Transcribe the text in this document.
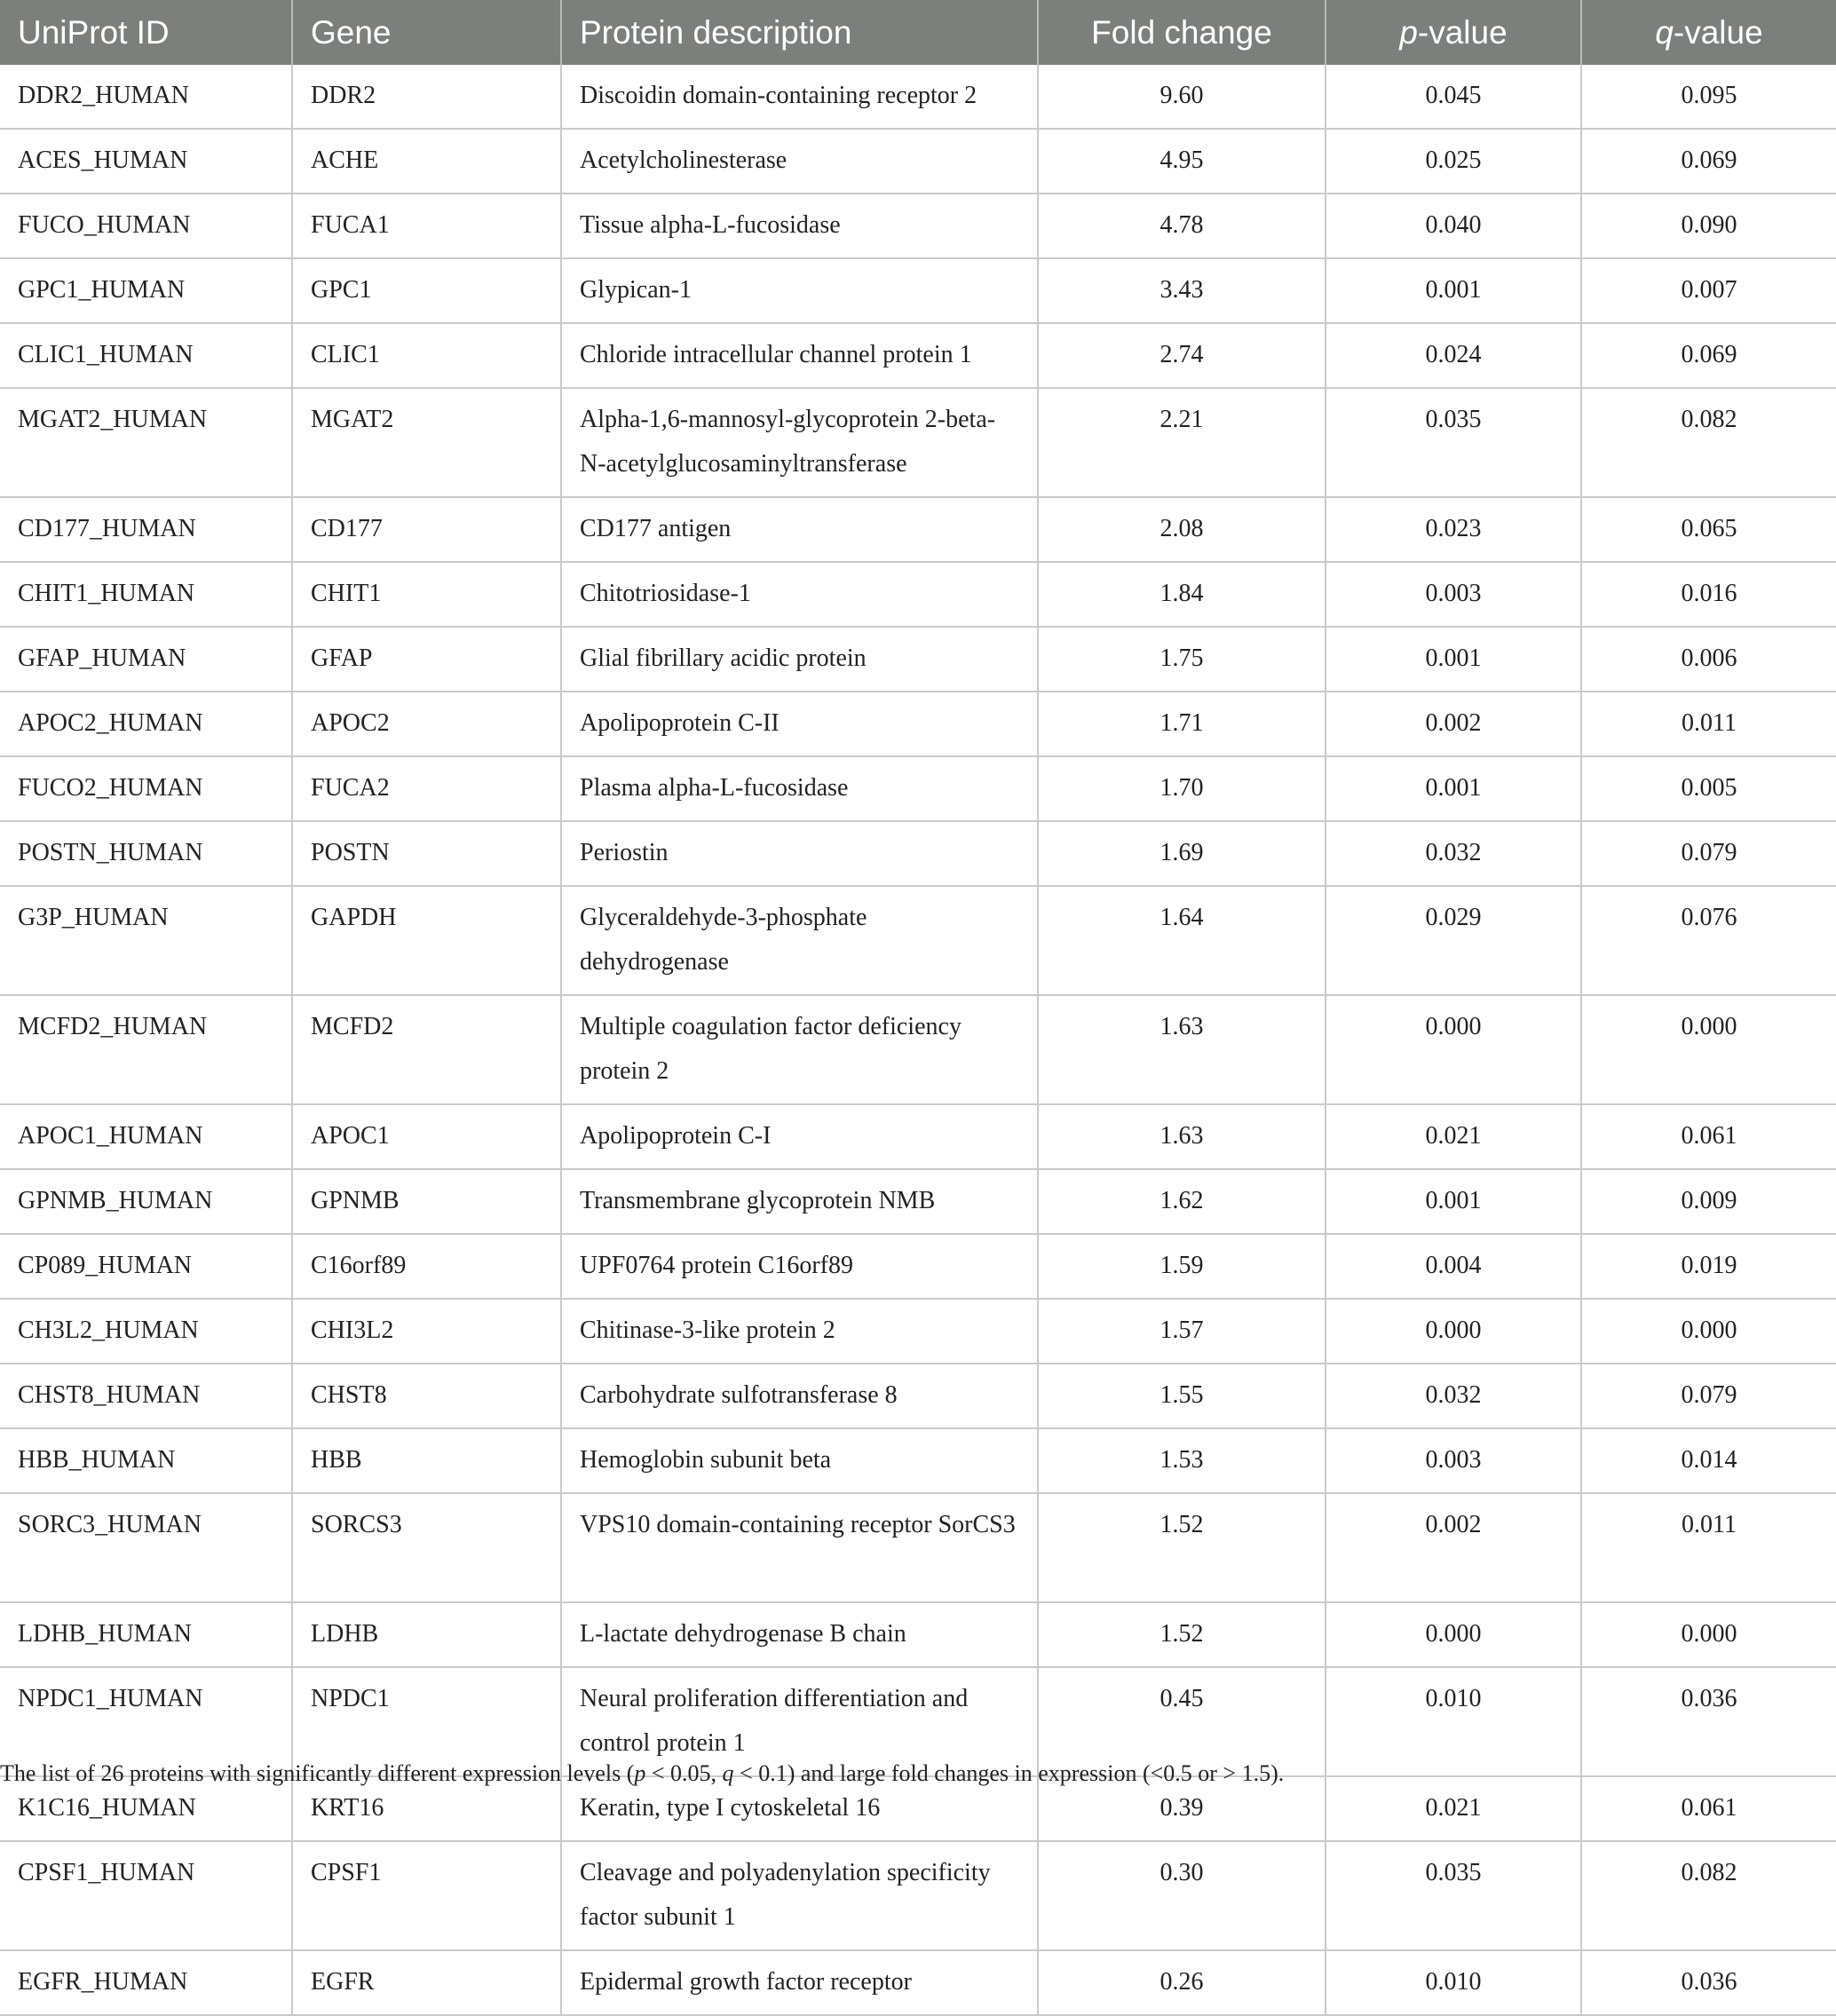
UniProt ID	Gene	Protein description	Fold change	p-value	q-value
DDR2_HUMAN	DDR2	Discoidin domain-containing receptor 2	9.60	0.045	0.095
ACES_HUMAN	ACHE	Acetylcholinesterase	4.95	0.025	0.069
FUCO_HUMAN	FUCA1	Tissue alpha-L-fucosidase	4.78	0.040	0.090
GPC1_HUMAN	GPC1	Glypican-1	3.43	0.001	0.007
CLIC1_HUMAN	CLIC1	Chloride intracellular channel protein 1	2.74	0.024	0.069
MGAT2_HUMAN	MGAT2	Alpha-1,6-mannosyl-glycoprotein 2-beta-N-acetylglucosaminyltransferase	2.21	0.035	0.082
CD177_HUMAN	CD177	CD177 antigen	2.08	0.023	0.065
CHIT1_HUMAN	CHIT1	Chitotriosidase-1	1.84	0.003	0.016
GFAP_HUMAN	GFAP	Glial fibrillary acidic protein	1.75	0.001	0.006
APOC2_HUMAN	APOC2	Apolipoprotein C-II	1.71	0.002	0.011
FUCO2_HUMAN	FUCA2	Plasma alpha-L-fucosidase	1.70	0.001	0.005
POSTN_HUMAN	POSTN	Periostin	1.69	0.032	0.079
G3P_HUMAN	GAPDH	Glyceraldehyde-3-phosphate dehydrogenase	1.64	0.029	0.076
MCFD2_HUMAN	MCFD2	Multiple coagulation factor deficiency protein 2	1.63	0.000	0.000
APOC1_HUMAN	APOC1	Apolipoprotein C-I	1.63	0.021	0.061
GPNMB_HUMAN	GPNMB	Transmembrane glycoprotein NMB	1.62	0.001	0.009
CP089_HUMAN	C16orf89	UPF0764 protein C16orf89	1.59	0.004	0.019
CH3L2_HUMAN	CHI3L2	Chitinase-3-like protein 2	1.57	0.000	0.000
CHST8_HUMAN	CHST8	Carbohydrate sulfotransferase 8	1.55	0.032	0.079
HBB_HUMAN	HBB	Hemoglobin subunit beta	1.53	0.003	0.014
SORC3_HUMAN	SORCS3	VPS10 domain-containing receptor SorCS3	1.52	0.002	0.011
LDHB_HUMAN	LDHB	L-lactate dehydrogenase B chain	1.52	0.000	0.000
NPDC1_HUMAN	NPDC1	Neural proliferation differentiation and control protein 1	0.45	0.010	0.036
K1C16_HUMAN	KRT16	Keratin, type I cytoskeletal 16	0.39	0.021	0.061
CPSF1_HUMAN	CPSF1	Cleavage and polyadenylation specificity factor subunit 1	0.30	0.035	0.082
EGFR_HUMAN	EGFR	Epidermal growth factor receptor	0.26	0.010	0.036
The list of 26 proteins with significantly different expression levels (p < 0.05, q < 0.1) and large fold changes in expression (<0.5 or > 1.5).
